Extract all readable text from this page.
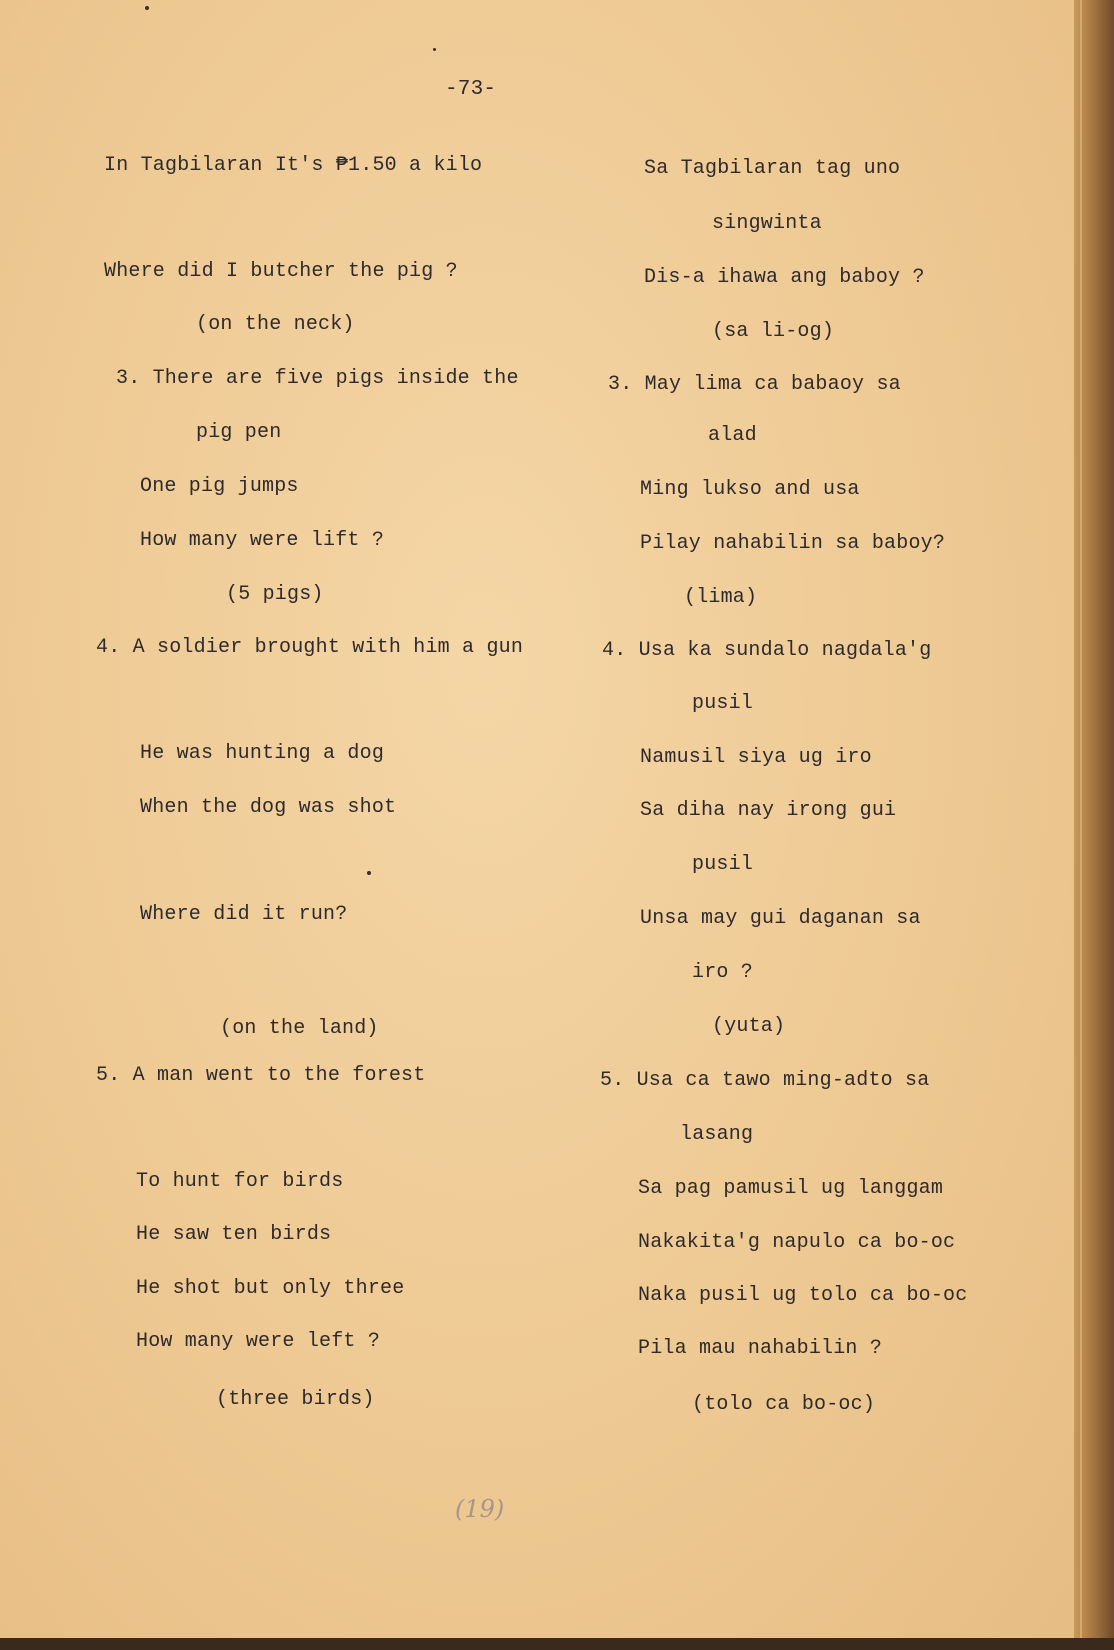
-73-
In Tagbilaran It's ₱1.50 a kilo
Where did I butcher the pig ?
(on the neck)
3. There are five pigs inside the
pig pen
One pig jumps
How many were lift ?
(5 pigs)
4. A soldier brought with him a gun
He was hunting a dog
When the dog was shot
Where did it run?
(on the land)
5. A man went to the forest
To hunt for birds
He saw ten birds
He shot but only three
How many were left ?
(three birds)
Sa Tagbilaran tag uno
singwinta
Dis-a ihawa ang baboy ?
(sa li-og)
3. May lima ca babaoy sa
alad
Ming lukso and usa
Pilay nahabilin sa baboy?
(lima)
4. Usa ka sundalo nagdala'g
pusil
Namusil siya ug iro
Sa diha nay irong gui
pusil
Unsa may gui daganan sa
iro ?
(yuta)
5. Usa ca tawo ming-adto sa
lasang
Sa pag pamusil ug langgam
Nakakita'g napulo ca bo-oc
Naka pusil ug tolo ca bo-oc
Pila mau nahabilin ?
(tolo ca bo-oc)
(19)
